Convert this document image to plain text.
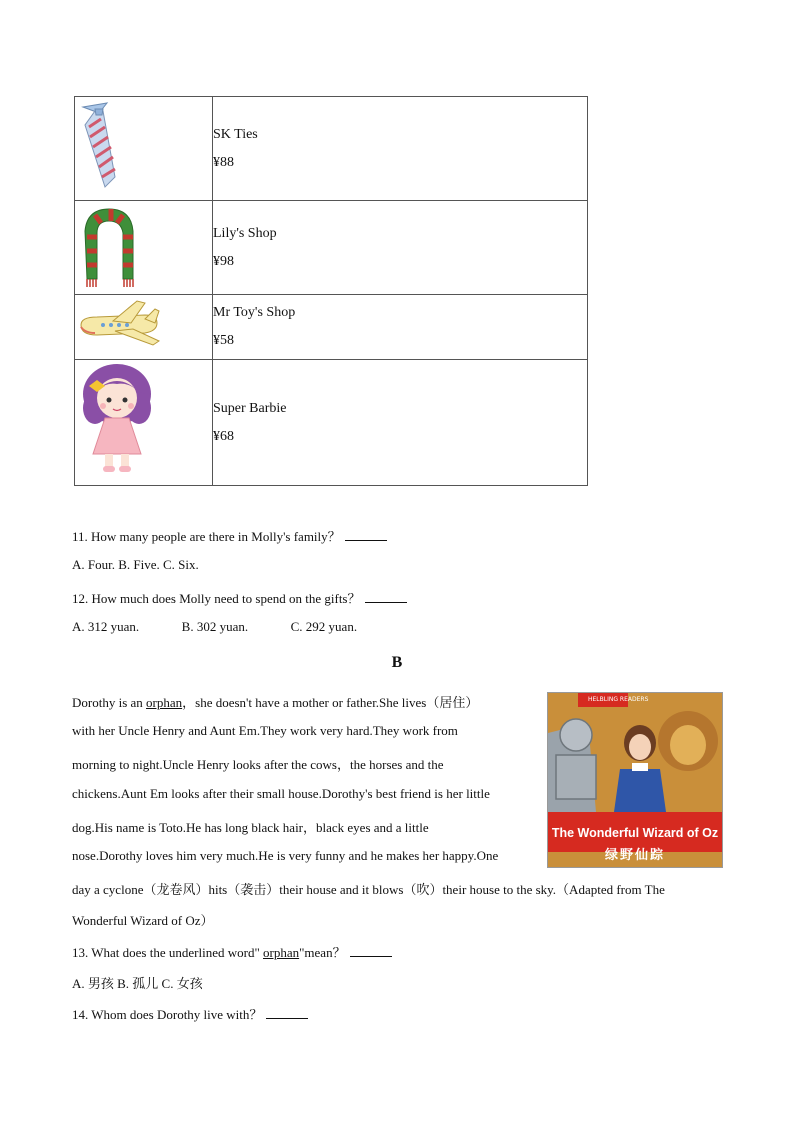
SK Ties
¥88

Lily's Shop
¥98

Mr Toy's Shop
¥58

Super Barbie
¥68
11. How many people are there in Molly's family？
A. Four. B. Five. C. Six.
12. How much does Molly need to spend on the gifts？
A. 312 yuan.	B. 302 yuan.	C. 292 yuan.
B
Dorothy is an orphan，she doesn't have a mother or father.She lives（居住）
with her Uncle Henry and Aunt Em.They work very hard.They work from
morning to night.Uncle Henry looks after the cows，the horses and the
chickens.Aunt Em looks after their small house.Dorothy's best friend is her little
dog.His name is Toto.He has long black hair，black eyes and a little
nose.Dorothy loves him very much.He is very funny and he makes her happy.One
day a cyclone（龙卷风）hits（袭击）their house and it blows（吹）their house to the sky.（Adapted from The
Wonderful Wizard of Oz）
HELBLING READERS
The Wonderful Wizard of Oz
绿野仙踪
13. What does the underlined word" orphan"mean？
A. 男孩 B. 孤儿 C. 女孩
14. Whom does Dorothy live with？
